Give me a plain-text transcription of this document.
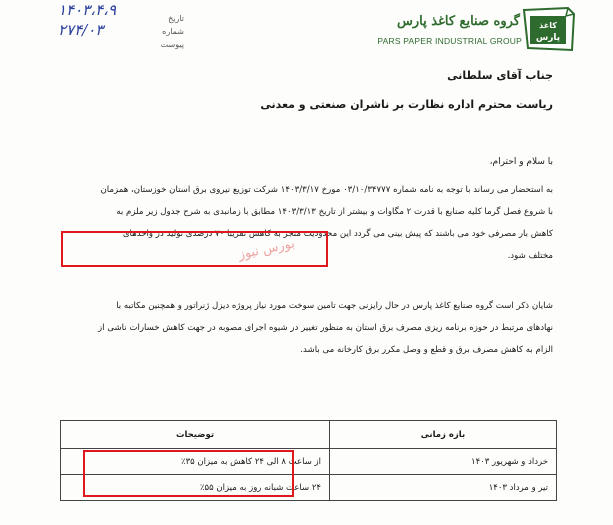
کاغذ
پارس
گروه صنایع کاغذ پارس
PARS PAPER INDUSTRIAL GROUP
تاریخ
شماره
پیوست
۱۴۰۳،۴،۹
۲۷۴/۰۳
جناب آقای سلطانی
ریاست محترم اداره نظارت بر ناشران صنعتی و معدنی
با سلام و احترام،
به استحضار می رساند با توجه به نامه شماره ۰۳/۱۰/۳۴۷۷۷ مورخ ۱۴۰۳/۳/۱۷ شرکت توزیع نیروی برق استان خوزستان، همزمان
با شروع فصل گرما کلیه صنایع با قدرت ۲ مگاوات و بیشتر از تاریخ ۱۴۰۳/۳/۱۳ مطابق با زمانبدی به شرح جدول زیر ملزم به
کاهش بار مصرفی خود می باشند که پیش بینی می گردد این محدودیت منجر به کاهش تقریبا ۷۰ درصدی تولید در واحدهای
مختلف شود.
بورس نیوز
شایان ذکر است گروه صنایع کاغذ پارس در حال رایزنی جهت تامین سوخت مورد نیاز پروژه دیزل ژنراتور و همچنین مکاتبه با
نهادهای مرتبط در حوزه برنامه ریزی مصرف برق استان به منظور تغییر در شیوه اجرای مصوبه در جهت کاهش خسارات ناشی از
الزام به کاهش مصرف برق و قطع و وصل مکرر برق کارخانه می باشد.
بازه زمانی	توضیحات
خرداد و شهریور ۱۴۰۳	از ساعت ۸ الی ۲۴ کاهش به میزان ۳۵٪
تیر و مرداد ۱۴۰۳	۲۴ ساعت شبانه روز به میزان ۵۵٪
